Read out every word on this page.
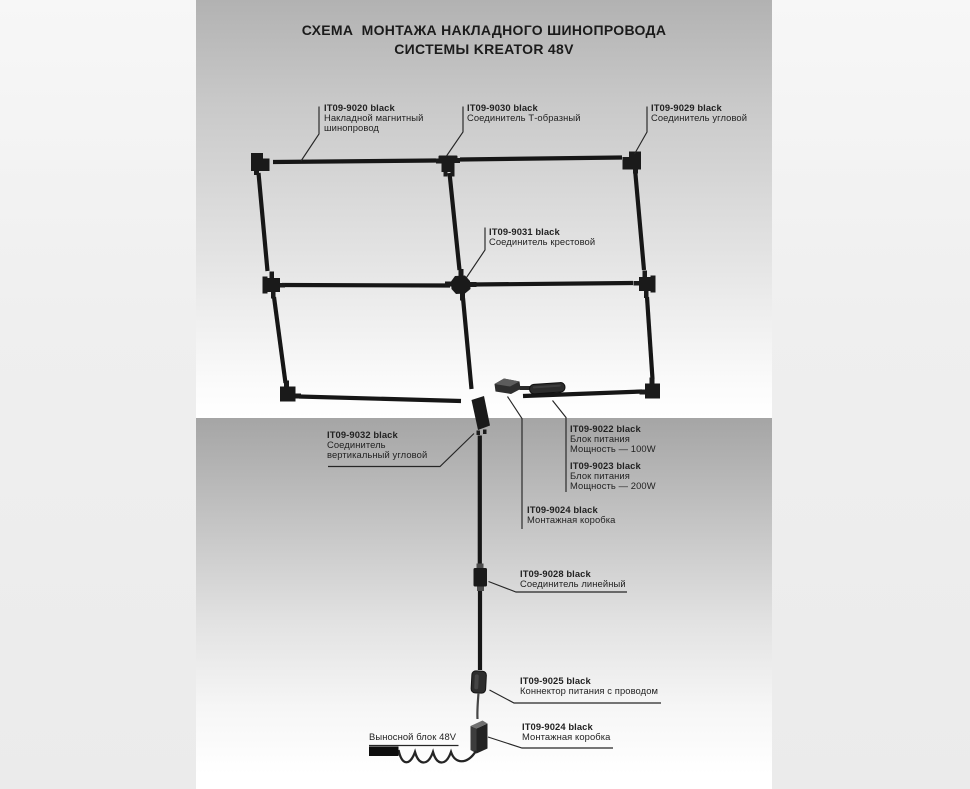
СХЕМА  МОНТАЖА НАКЛАДНОГО ШИНОПРОВОДА
СИСТЕМЫ KREATOR 48V
IT09-9020 black
Накладной магнитный
шинопровод
IT09-9030 black
Соединитель Т-образный
IT09-9029 black
Соединитель угловой
IT09-9031 black
Соединитель крестовой
IT09-9032 black
Соединитель
вертикальный угловой
IT09-9022 black
Блок питания
Мощность — 100W
IT09-9023 black
Блок питания
Мощность — 200W
IT09-9024 black
Монтажная коробка
IT09-9028 black
Соединитель линейный
IT09-9025 black
Коннектор питания с проводом
IT09-9024 black
Монтажная коробка
Выносной блок 48V
